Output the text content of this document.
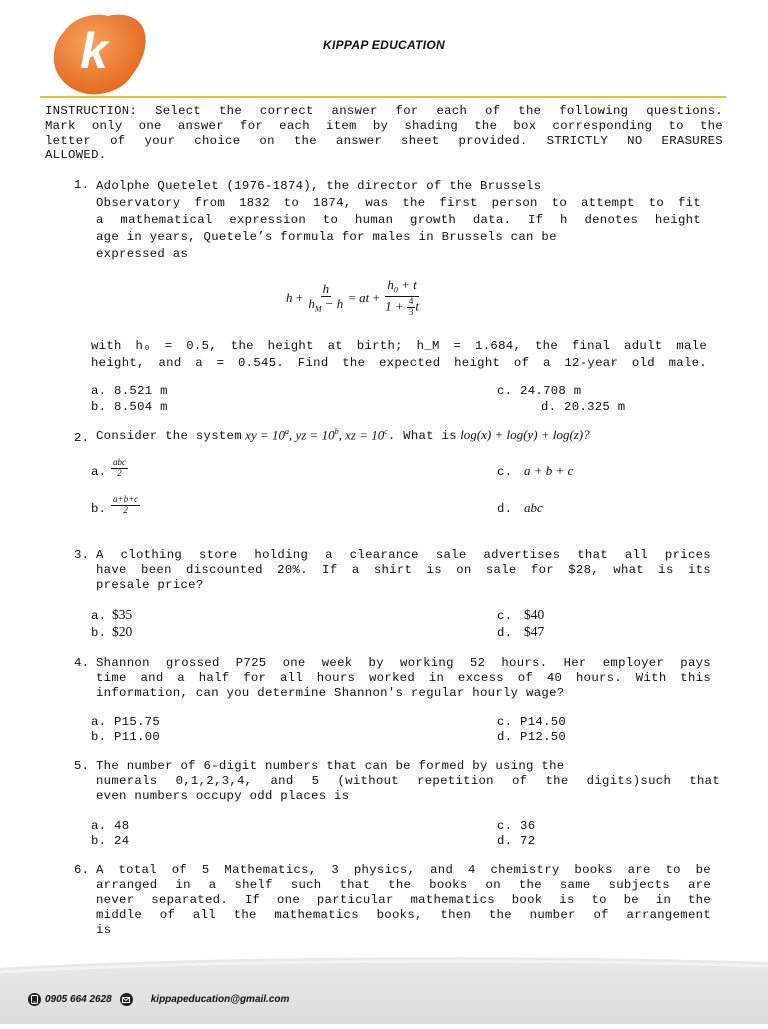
k	KIPPAP EDUCATION
INSTRUCTION: Select the correct answer for each of the following questions.
Mark only one answer for each item by shading the box corresponding to the
letter of your choice on the answer sheet provided. STRICTLY NO ERASURES
ALLOWED.
1. Adolphe Quetelet (1976-1874), the director of the Brussels
Observatory from 1832 to 1874, was the first person to attempt to fit
a mathematical expression to human growth data. If h denotes height
age in years, Quetele’s formula for males in Brussels can be
expressed as
$h + \frac{h}{h_M - h}$ = at + $\frac{h_0 + t}{1 + \frac{4}{3} t}$
with h₀ = 0.5, the height at birth; h_M = 1.684, the final adult male
height, and a = 0.545. Find the expected height of a 12-year old male.
a. 8.521 m
b. 8.504 m
c. 24.708 m
d. 20.325 m
2. Consider the system xy = $10^a$, yz = $10^b$, xz = $10^c$ . What is log(x) + log(y) + log(z)?
a.
abc
2
b. $\frac{a+b+c}{2}$
c. a + b + c
d. abc
3. A clothing store holding a clearance sale advertises that all prices
have been discounted 20%. If a shirt is on sale for $28, what is its
presale price?
a. $35
b. $20
c. $40
d. $47
4. Shannon grossed P725 one week by working 52 hours. Her employer pays
time and a half for all hours worked in excess of 40 hours. With this
information, can you determine Shannon's regular hourly wage?
a. P15.75
b. P11.00
c. P14.50
d. P12.50
5. The number of 6-digit numbers that can be formed by using the
numerals 0,1,2,3,4, and 5 (without repetition of the digits)such that
even numbers occupy odd places is
a. 48
b. 24
c. 36
d. 72
6. A total of 5 Mathematics, 3 physics, and 4 chemistry books are to be
arranged in a shelf such that the books on the same subjects are
never separated. If one particular mathematics book is to be in the
middle of all the mathematics books, then the number of arrangement
is
0905 664 2628	kippapeducation@gmail.com
